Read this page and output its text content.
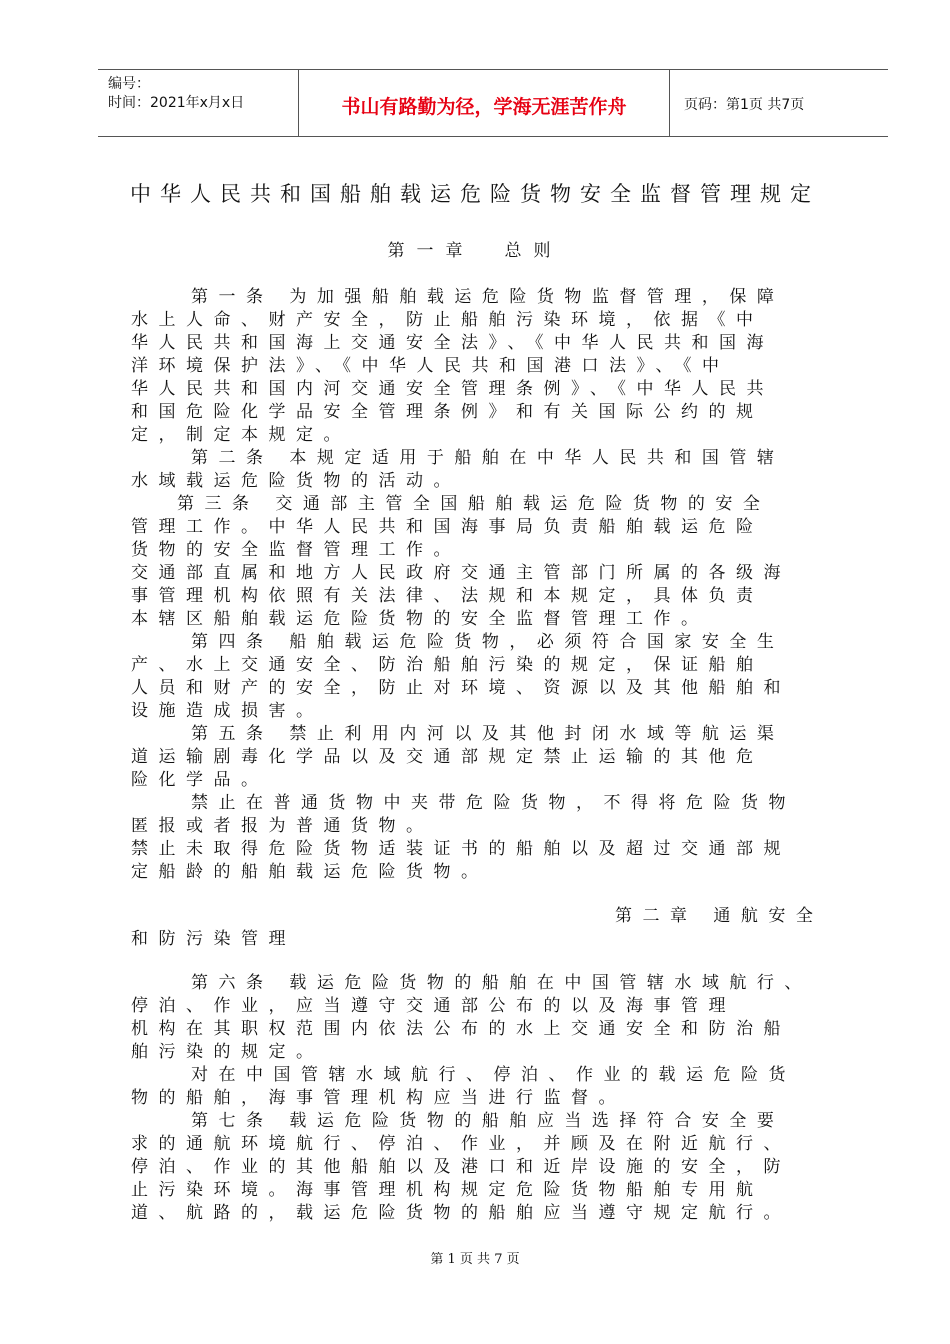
编号：
时间：2021年x月x日	书山有路勤为径，学海无涯苦作舟	页码：第1页 共7页
中华人民共和国船舶载运危险货物安全监督管理规定
第一章 总则
第一条 为加强船舶载运危险货物监督管理，保障
水上人命、财产安全，防止船舶污染环境，依据《中
华人民共和国海上交通安全法》、《中华人民共和国海
洋环境保护法》、《中华人民共和国港口法》、《中
华人民共和国内河交通安全管理条例》、《中华人民共
和国危险化学品安全管理条例》和有关国际公约的规
定，制定本规定。
第二条 本规定适用于船舶在中华人民共和国管辖
水域载运危险货物的活动。
第三条 交通部主管全国船舶载运危险货物的安全
管理工作。中华人民共和国海事局负责船舶载运危险
货物的安全监督管理工作。
交通部直属和地方人民政府交通主管部门所属的各级海
事管理机构依照有关法律、法规和本规定，具体负责
本辖区船舶载运危险货物的安全监督管理工作。
第四条 船舶载运危险货物，必须符合国家安全生
产、水上交通安全、防治船舶污染的规定，保证船舶
人员和财产的安全，防止对环境、资源以及其他船舶和
设施造成损害。
第五条 禁止利用内河以及其他封闭水域等航运渠
道运输剧毒化学品以及交通部规定禁止运输的其他危
险化学品。
禁止在普通货物中夹带危险货物，不得将危险货物
匿报或者报为普通货物。
禁止未取得危险货物适装证书的船舶以及超过交通部规
定船龄的船舶载运危险货物。
第二章 通航安全
和防污染管理
第六条 载运危险货物的船舶在中国管辖水域航行、
停泊、作业，应当遵守交通部公布的以及海事管理
机构在其职权范围内依法公布的水上交通安全和防治船
舶污染的规定。
对在中国管辖水域航行、停泊、作业的载运危险货
物的船舶，海事管理机构应当进行监督。
第七条 载运危险货物的船舶应当选择符合安全要
求的通航环境航行、停泊、作业，并顾及在附近航行、
停泊、作业的其他船舶以及港口和近岸设施的安全，防
止污染环境。海事管理机构规定危险货物船舶专用航
道、航路的，载运危险货物的船舶应当遵守规定航行。
第 1 页 共 7 页
